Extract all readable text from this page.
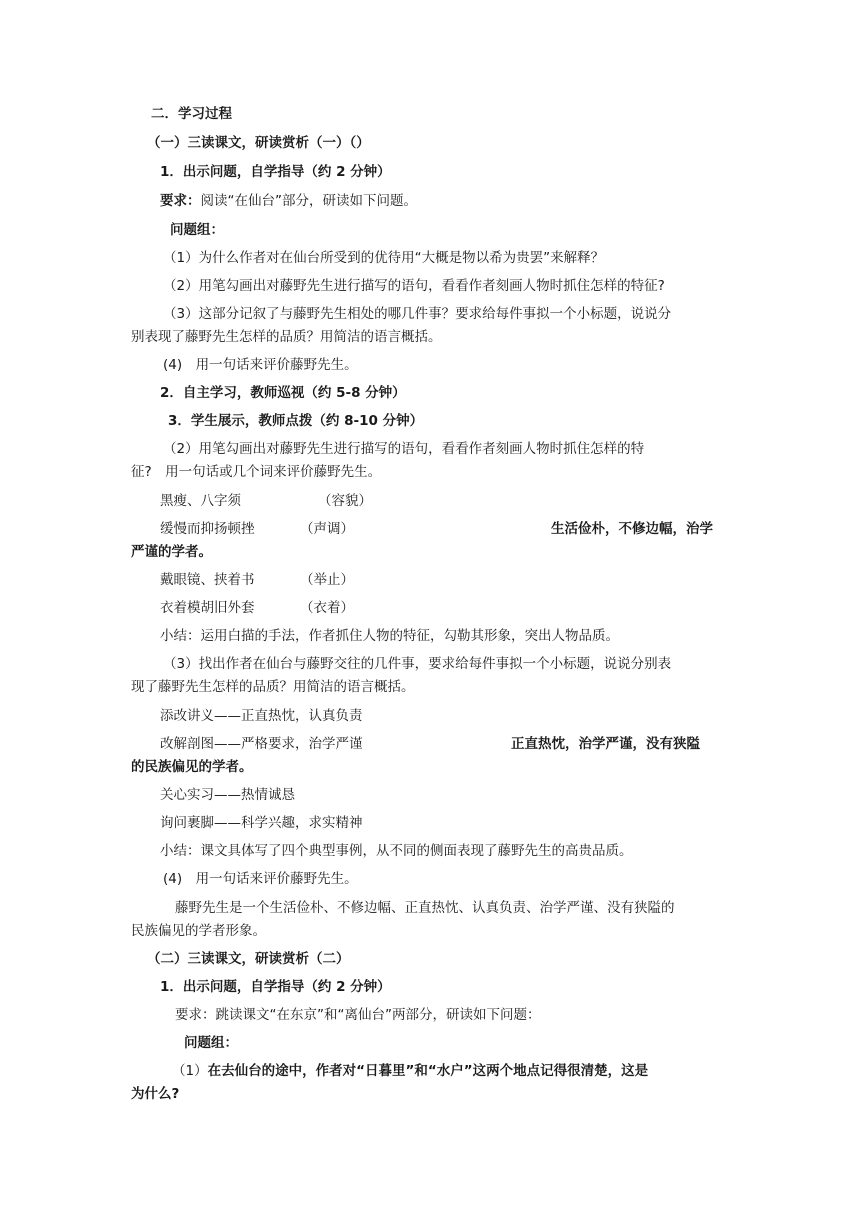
二．学习过程
（一）三读课文，研读赏析（一）（）
1．出示问题，自学指导（约 2 分钟）
要求：阅读“在仙台”部分，研读如下问题。
问题组：
（1）为什么作者对在仙台所受到的优待用“大概是物以希为贵罢”来解释？
（2）用笔勾画出对藤野先生进行描写的语句，看看作者刻画人物时抓住怎样的特征?
（3）这部分记叙了与藤野先生相处的哪几件事？要求给每件事拟一个小标题，说说分
别表现了藤野先生怎样的品质？用简洁的语言概括。
(4)　用一句话来评价藤野先生。
2．自主学习，教师巡视（约 5-8 分钟）
3．学生展示，教师点拨（约 8-10 分钟）
（2）用笔勾画出对藤野先生进行描写的语句，看看作者刻画人物时抓住怎样的特
征?　用一句话或几个词来评价藤野先生。
黑瘦、八字须	（容貌）
缓慢而抑扬顿挫	（声调）	生活俭朴，不修边幅，治学
严谨的学者。
戴眼镜、挟着书	（举止）
衣着模胡旧外套	（衣着）
小结：运用白描的手法，作者抓住人物的特征，勾勒其形象，突出人物品质。
（3）找出作者在仙台与藤野交往的几件事，要求给每件事拟一个小标题，说说分别表
现了藤野先生怎样的品质？用简洁的语言概括。
添改讲义——正直热忱，认真负责
改解剖图——严格要求，治学严谨	正直热忱，治学严谨，没有狭隘
的民族偏见的学者。
关心实习——热情诚恳
询问裹脚——科学兴趣，求实精神
小结：课文具体写了四个典型事例，从不同的侧面表现了藤野先生的高贵品质。
(4)　用一句话来评价藤野先生。
藤野先生是一个生活俭朴、不修边幅、正直热忱、认真负责、治学严谨、没有狭隘的
民族偏见的学者形象。
（二）三读课文，研读赏析（二）
1．出示问题，自学指导（约 2 分钟）
要求：跳读课文“在东京”和“离仙台”两部分，研读如下问题：
问题组：
（1）在去仙台的途中，作者对“日暮里”和“水户”这两个地点记得很清楚，这是
为什么?
